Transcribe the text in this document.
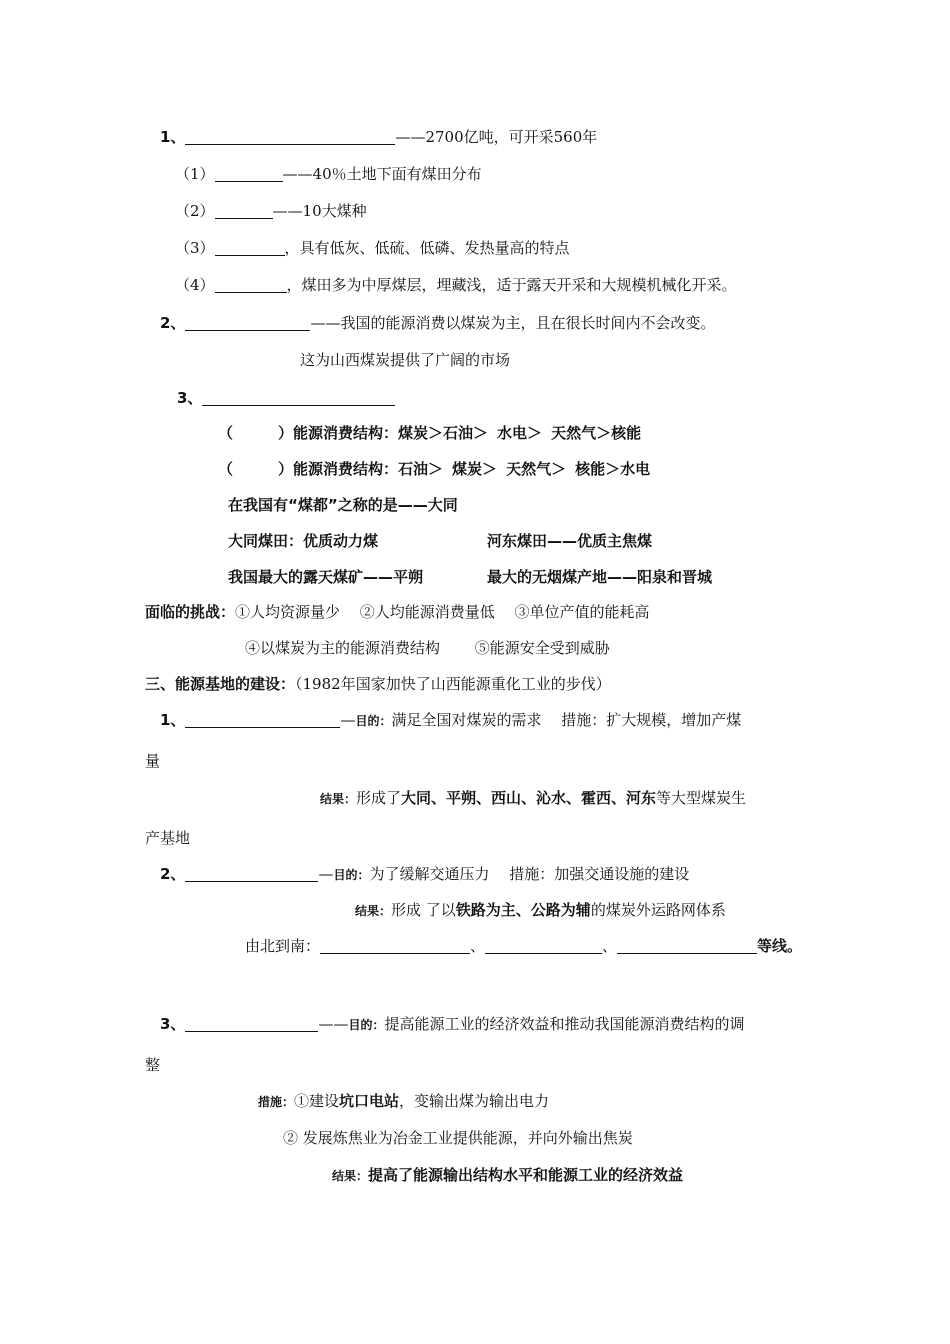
1、	——2700亿吨，可开采560年
（1）	——40％土地下面有煤田分布
（2）	——10大煤种
（3）	，具有低灰、低硫、低磷、发热量高的特点
（4）	，煤田多为中厚煤层，埋藏浅，适于露天开采和大规模机械化开采。
2、	——我国的能源消费以煤炭为主，且在很长时间内不会改变。
这为山西煤炭提供了广阔的市场
3、
（　　　）能源消费结构：煤炭＞石油＞ 水电＞ 天然气＞核能
（　　　）能源消费结构：石油＞ 煤炭＞ 天然气＞ 核能＞水电
在我国有“煤都”之称的是——大同
大同煤田：优质动力煤	河东煤田——优质主焦煤
我国最大的露天煤矿——平朔	最大的无烟煤产地——阳泉和晋城
面临的挑战：①人均资源量少　 ②人均能源消费量低　 ③单位产值的能耗高
④以煤炭为主的能源消费结构　　 ⑤能源安全受到威胁
三、能源基地的建设：（1982年国家加快了山西能源重化工业的步伐）
1、	—目的：满足全国对煤炭的需求　 措施：扩大规模，增加产煤
量
结果：形成了大同、平朔、西山、沁水、霍西、河东等大型煤炭生
产基地
2、	—目的：为了缓解交通压力　 措施：加强交通设施的建设
结果：形成 了以铁路为主、公路为辅的煤炭外运路网体系
由北到南：	、	、	等线。
3、	——目的：提高能源工业的经济效益和推动我国能源消费结构的调
整
措施：①建设坑口电站，变输出煤为输出电力
② 发展炼焦业为冶金工业提供能源，并向外输出焦炭
结果：提高了能源输出结构水平和能源工业的经济效益
